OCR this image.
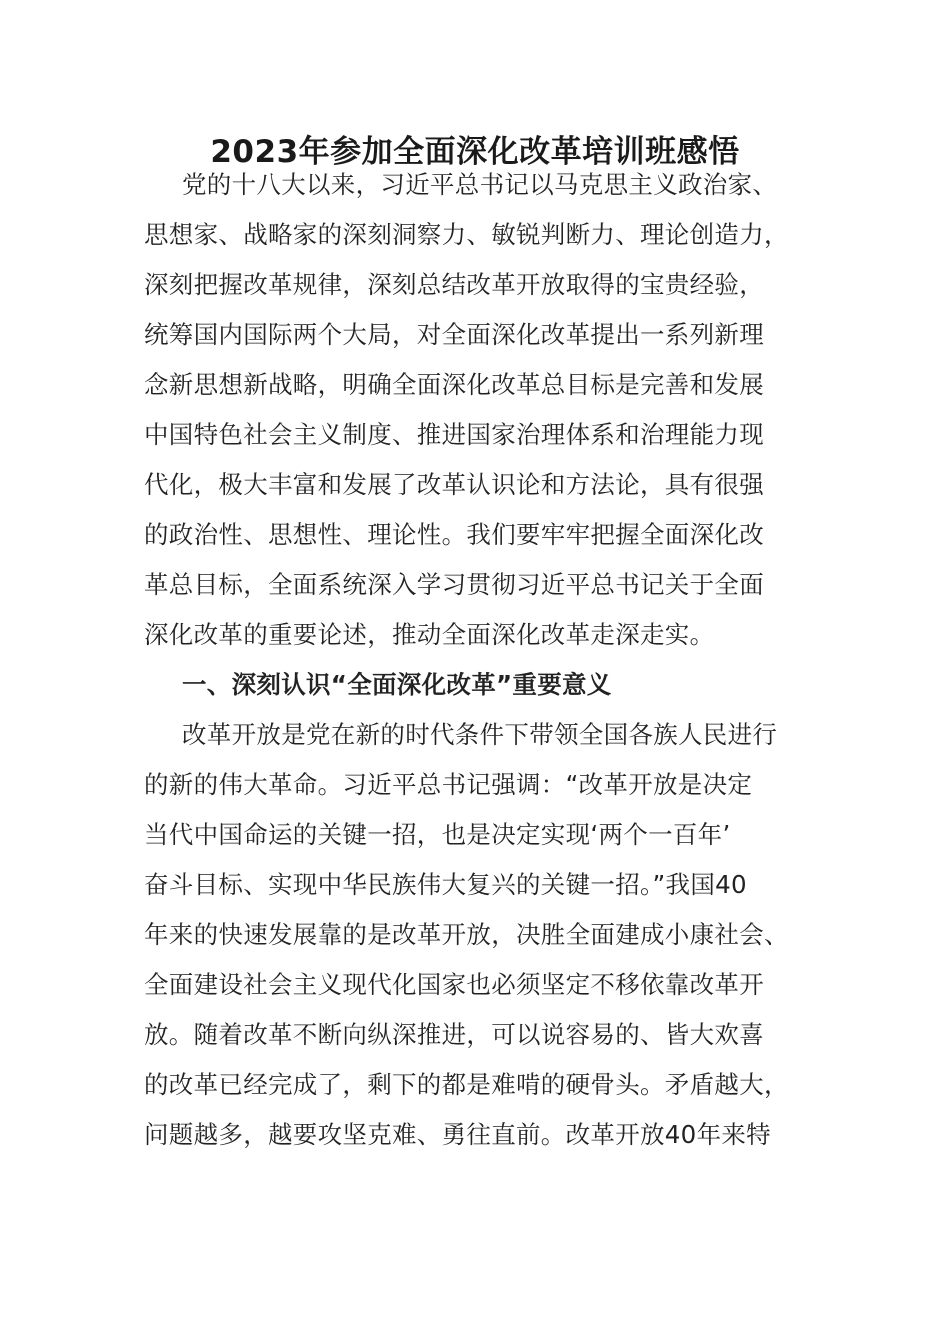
2023年参加全面深化改革培训班感悟
党的十八大以来，习近平总书记以马克思主义政治家、
思想家、战略家的深刻洞察力、敏锐判断力、理论创造力，
深刻把握改革规律，深刻总结改革开放取得的宝贵经验，
统筹国内国际两个大局，对全面深化改革提出一系列新理
念新思想新战略，明确全面深化改革总目标是完善和发展
中国特色社会主义制度、推进国家治理体系和治理能力现
代化，极大丰富和发展了改革认识论和方法论，具有很强
的政治性、思想性、理论性。我们要牢牢把握全面深化改
革总目标，全面系统深入学习贯彻习近平总书记关于全面
深化改革的重要论述，推动全面深化改革走深走实。
一、深刻认识“全面深化改革”重要意义
改革开放是党在新的时代条件下带领全国各族人民进行
的新的伟大革命。习近平总书记强调：“改革开放是决定
当代中国命运的关键一招，也是决定实现‘两个一百年’
奋斗目标、实现中华民族伟大复兴的关键一招。”我国40
年来的快速发展靠的是改革开放，决胜全面建成小康社会、
全面建设社会主义现代化国家也必须坚定不移依靠改革开
放。随着改革不断向纵深推进，可以说容易的、皆大欢喜
的改革已经完成了，剩下的都是难啃的硬骨头。矛盾越大，
问题越多，越要攻坚克难、勇往直前。改革开放40年来特
